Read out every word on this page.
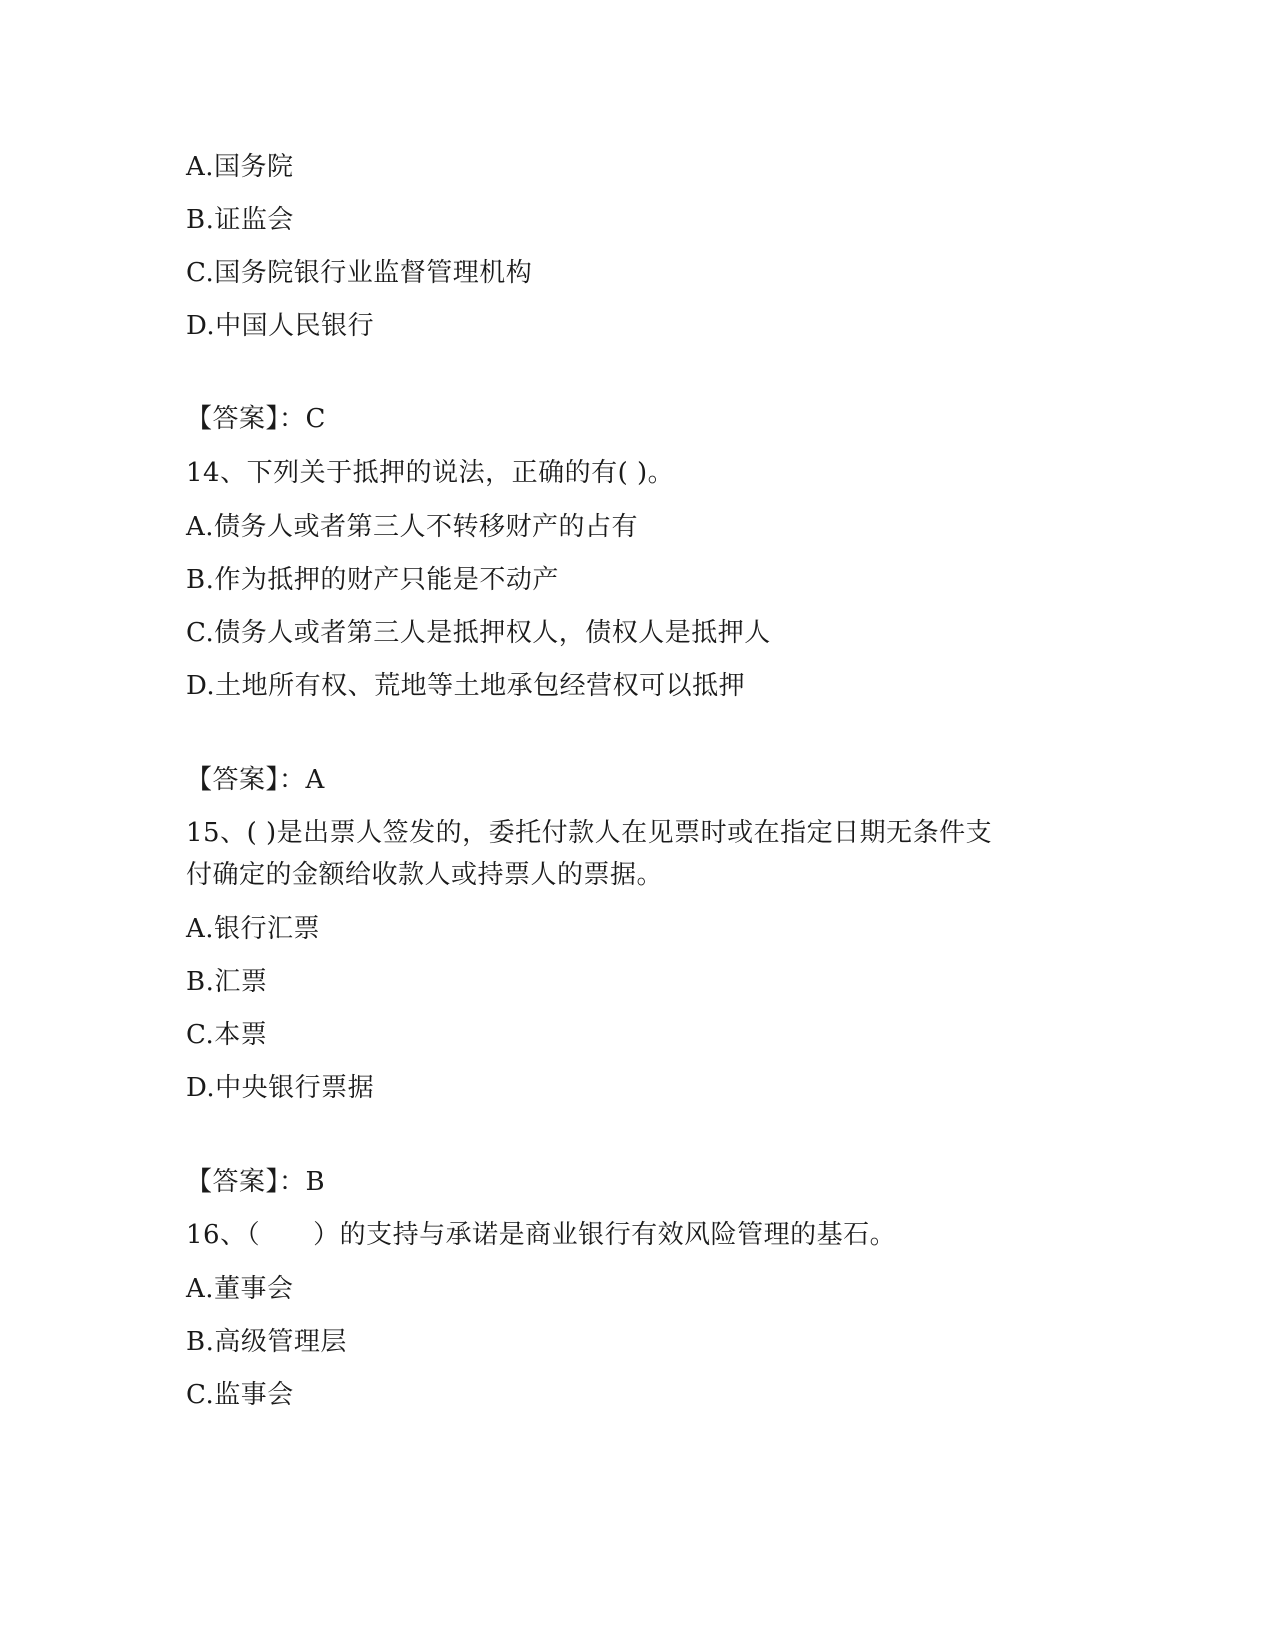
A.国务院
B.证监会
C.国务院银行业监督管理机构
D.中国人民银行
【答案】：C
14、下列关于抵押的说法，正确的有( )。
A.债务人或者第三人不转移财产的占有
B.作为抵押的财产只能是不动产
C.债务人或者第三人是抵押权人，债权人是抵押人
D.土地所有权、荒地等土地承包经营权可以抵押
【答案】：A
15、( )是出票人签发的，委托付款人在见票时或在指定日期无条件支
付确定的金额给收款人或持票人的票据。
A.银行汇票
B.汇票
C.本票
D.中央银行票据
【答案】：B
16、（　　）的支持与承诺是商业银行有效风险管理的基石。
A.董事会
B.高级管理层
C.监事会
